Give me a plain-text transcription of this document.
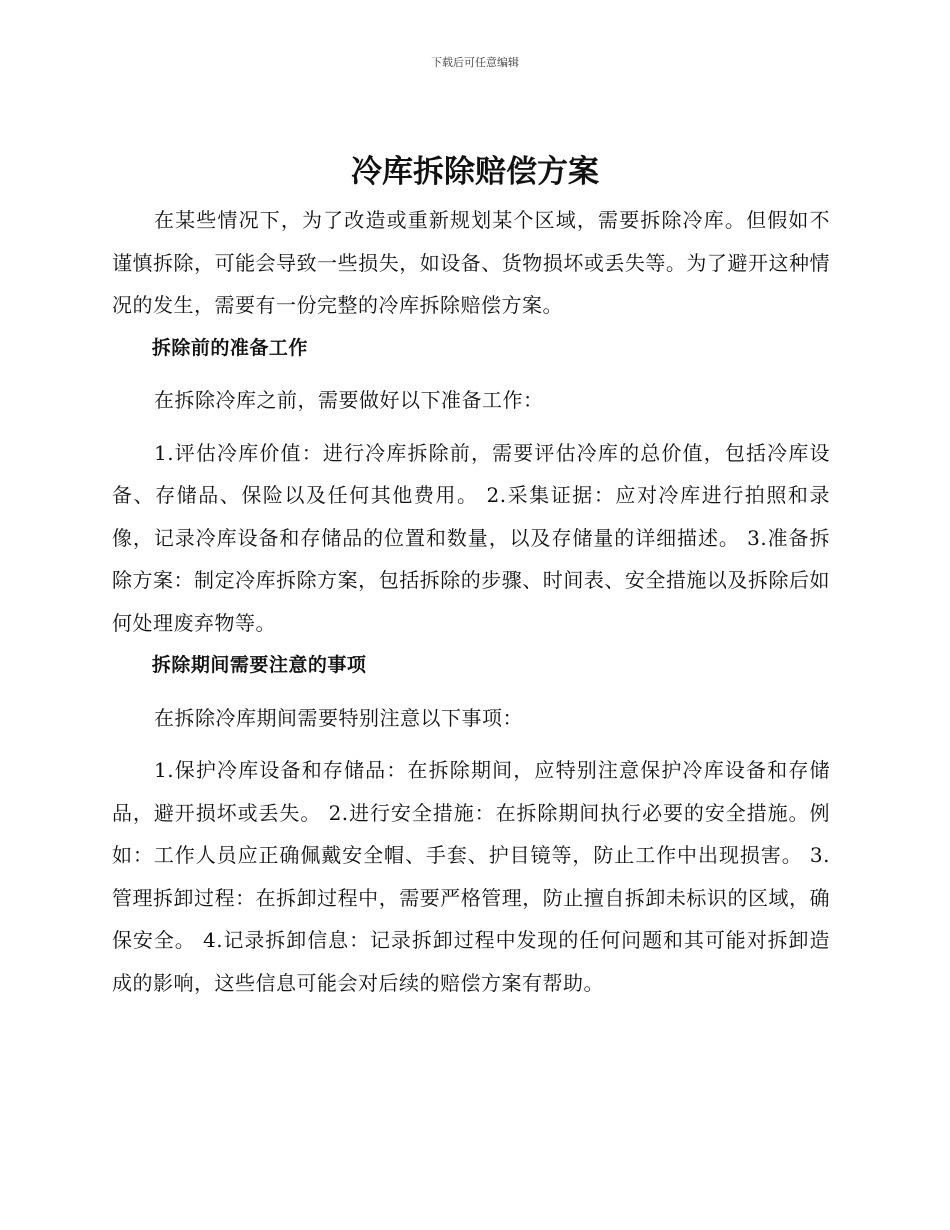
下载后可任意编辑
冷库拆除赔偿方案

在某些情况下，为了改造或重新规划某个区域，需要拆除冷库。但假如不谨慎拆除，可能会导致一些损失，如设备、货物损坏或丢失等。为了避开这种情况的发生，需要有一份完整的冷库拆除赔偿方案。

拆除前的准备工作

在拆除冷库之前，需要做好以下准备工作：

1.评估冷库价值：进行冷库拆除前，需要评估冷库的总价值，包括冷库设备、存储品、保险以及任何其他费用。 2.采集证据：应对冷库进行拍照和录像，记录冷库设备和存储品的位置和数量，以及存储量的详细描述。 3.准备拆除方案：制定冷库拆除方案，包括拆除的步骤、时间表、安全措施以及拆除后如何处理废弃物等。

拆除期间需要注意的事项

在拆除冷库期间需要特别注意以下事项：

1.保护冷库设备和存储品：在拆除期间，应特别注意保护冷库设备和存储品，避开损坏或丢失。 2.进行安全措施：在拆除期间执行必要的安全措施。例如：工作人员应正确佩戴安全帽、手套、护目镜等，防止工作中出现损害。 3.管理拆卸过程：在拆卸过程中，需要严格管理，防止擅自拆卸未标识的区域，确保安全。 4.记录拆卸信息：记录拆卸过程中发现的任何问题和其可能对拆卸造成的影响，这些信息可能会对后续的赔偿方案有帮助。
